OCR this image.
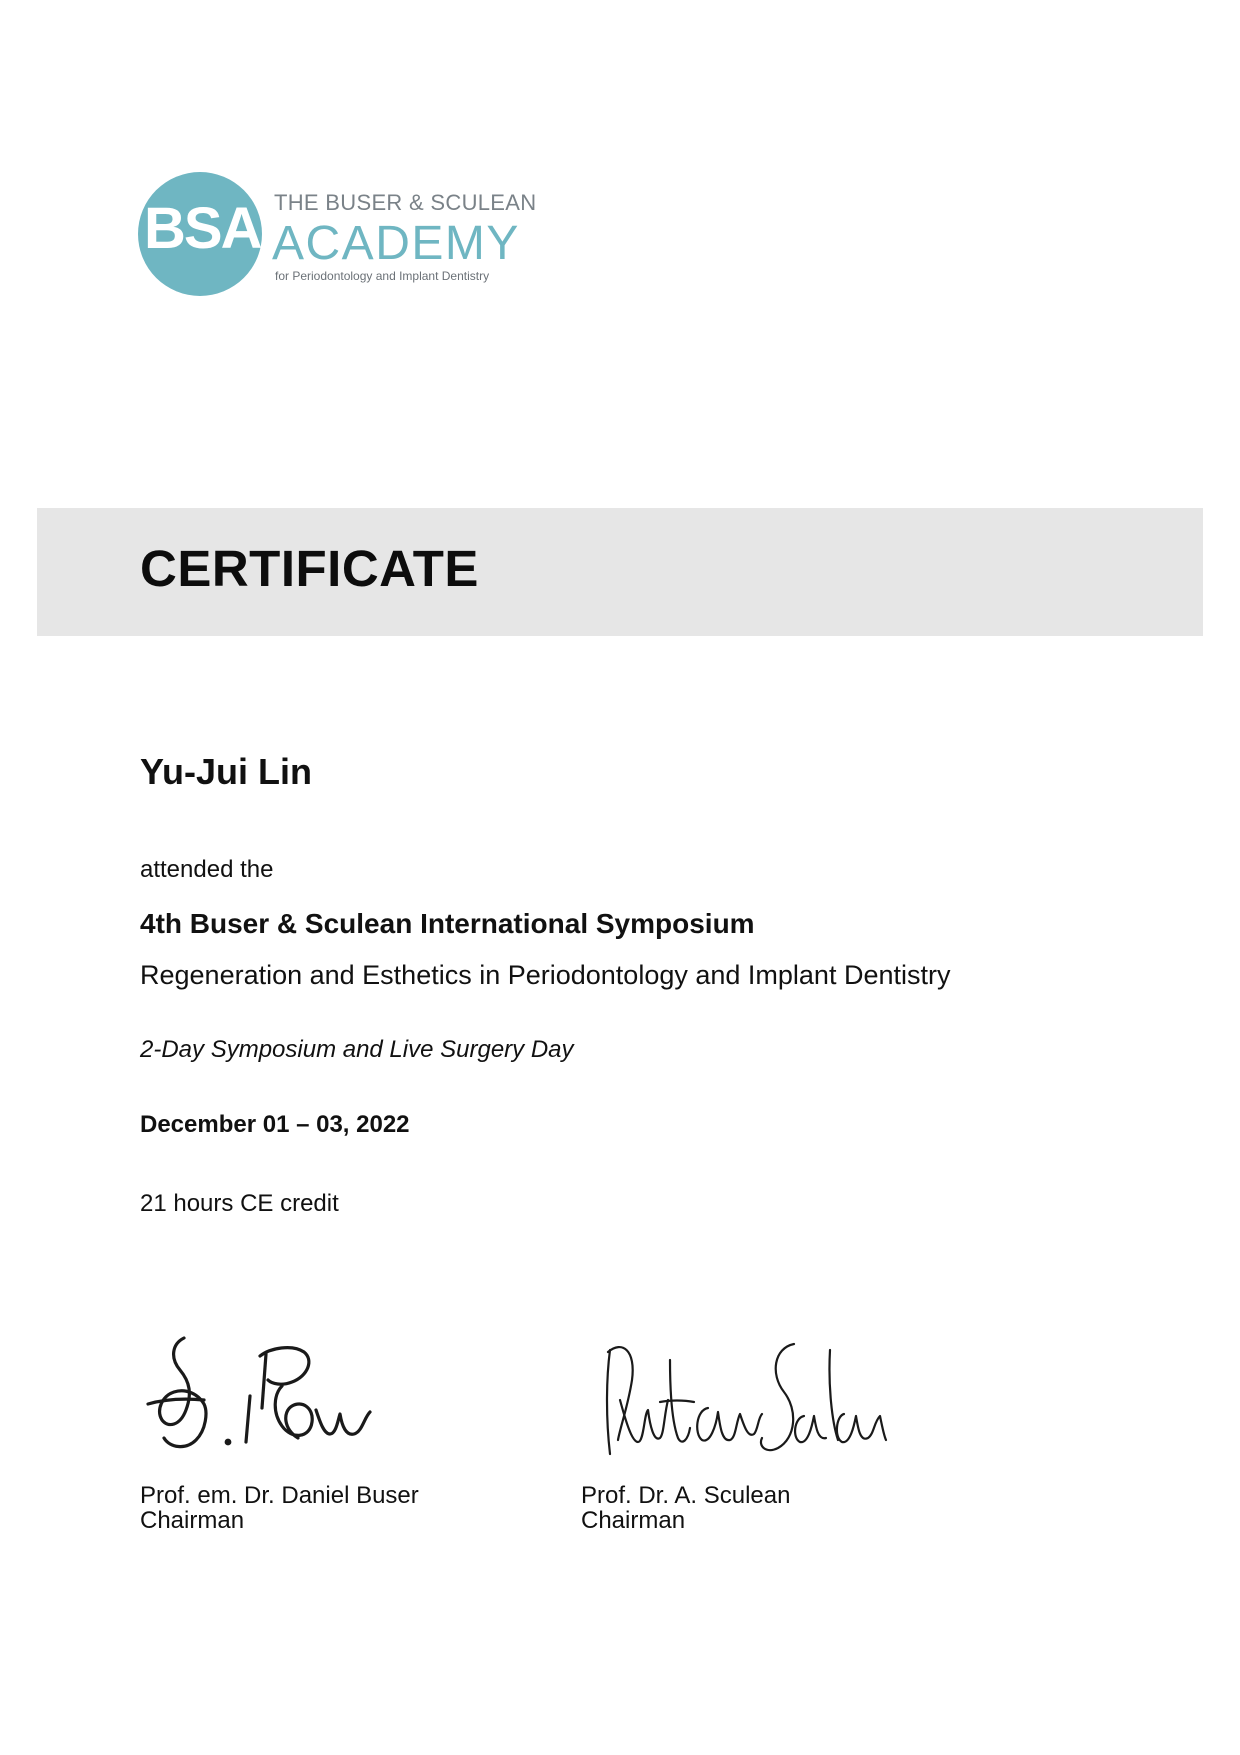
BSA THE BUSER & SCULEAN
ACADEMY
for Periodontology and Implant Dentistry
CERTIFICATE
Yu-Jui Lin
attended the
4th Buser & Sculean International Symposium
Regeneration and Esthetics in Periodontology and Implant Dentistry
2-Day Symposium and Live Surgery Day
December 01 – 03, 2022
21 hours CE credit
Prof. em. Dr. Daniel Buser
Chairman
Prof. Dr. A. Sculean
Chairman
